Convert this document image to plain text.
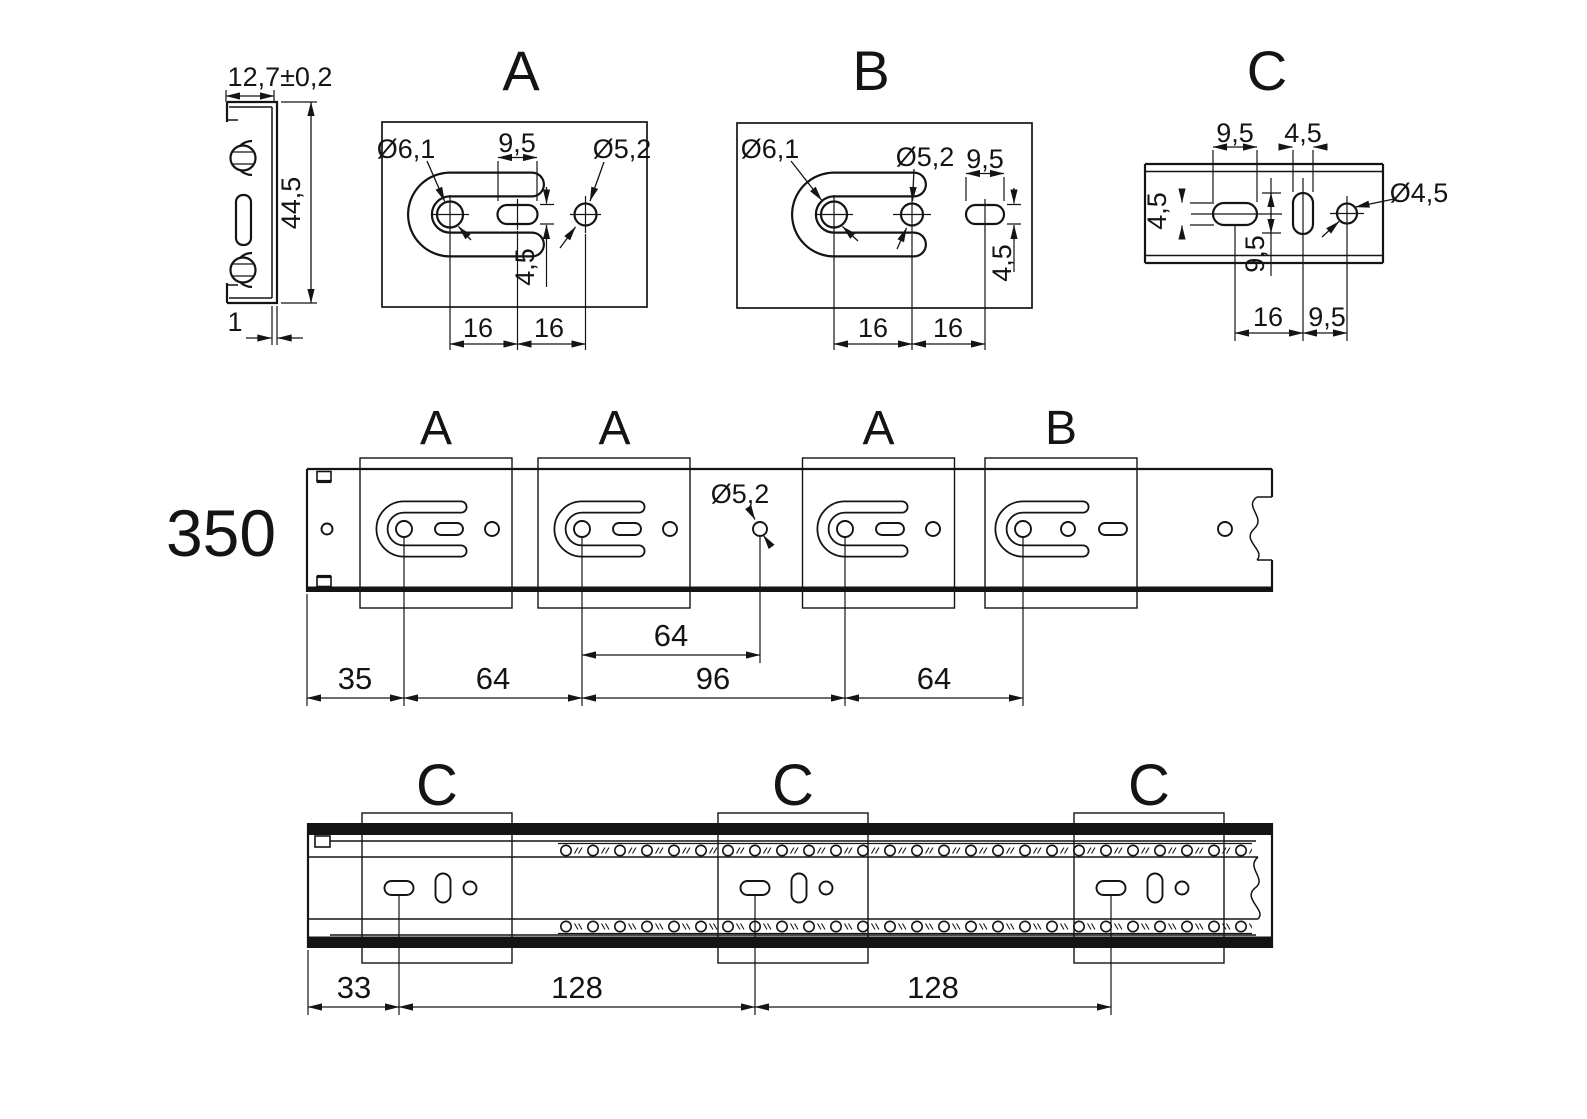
12,7±0,2
44,5
1
A
Ø6,1 9,5 Ø5,2
4,5
16 16
B
Ø6,1	Ø5,2 9,5
4,5
16 16
C
9,5 4,5
4,5
9,5
Ø4,5
16 9,5
350
A	A	A	B
Ø5,2
64
35	64	96	64
C	C	C
33	128	128
